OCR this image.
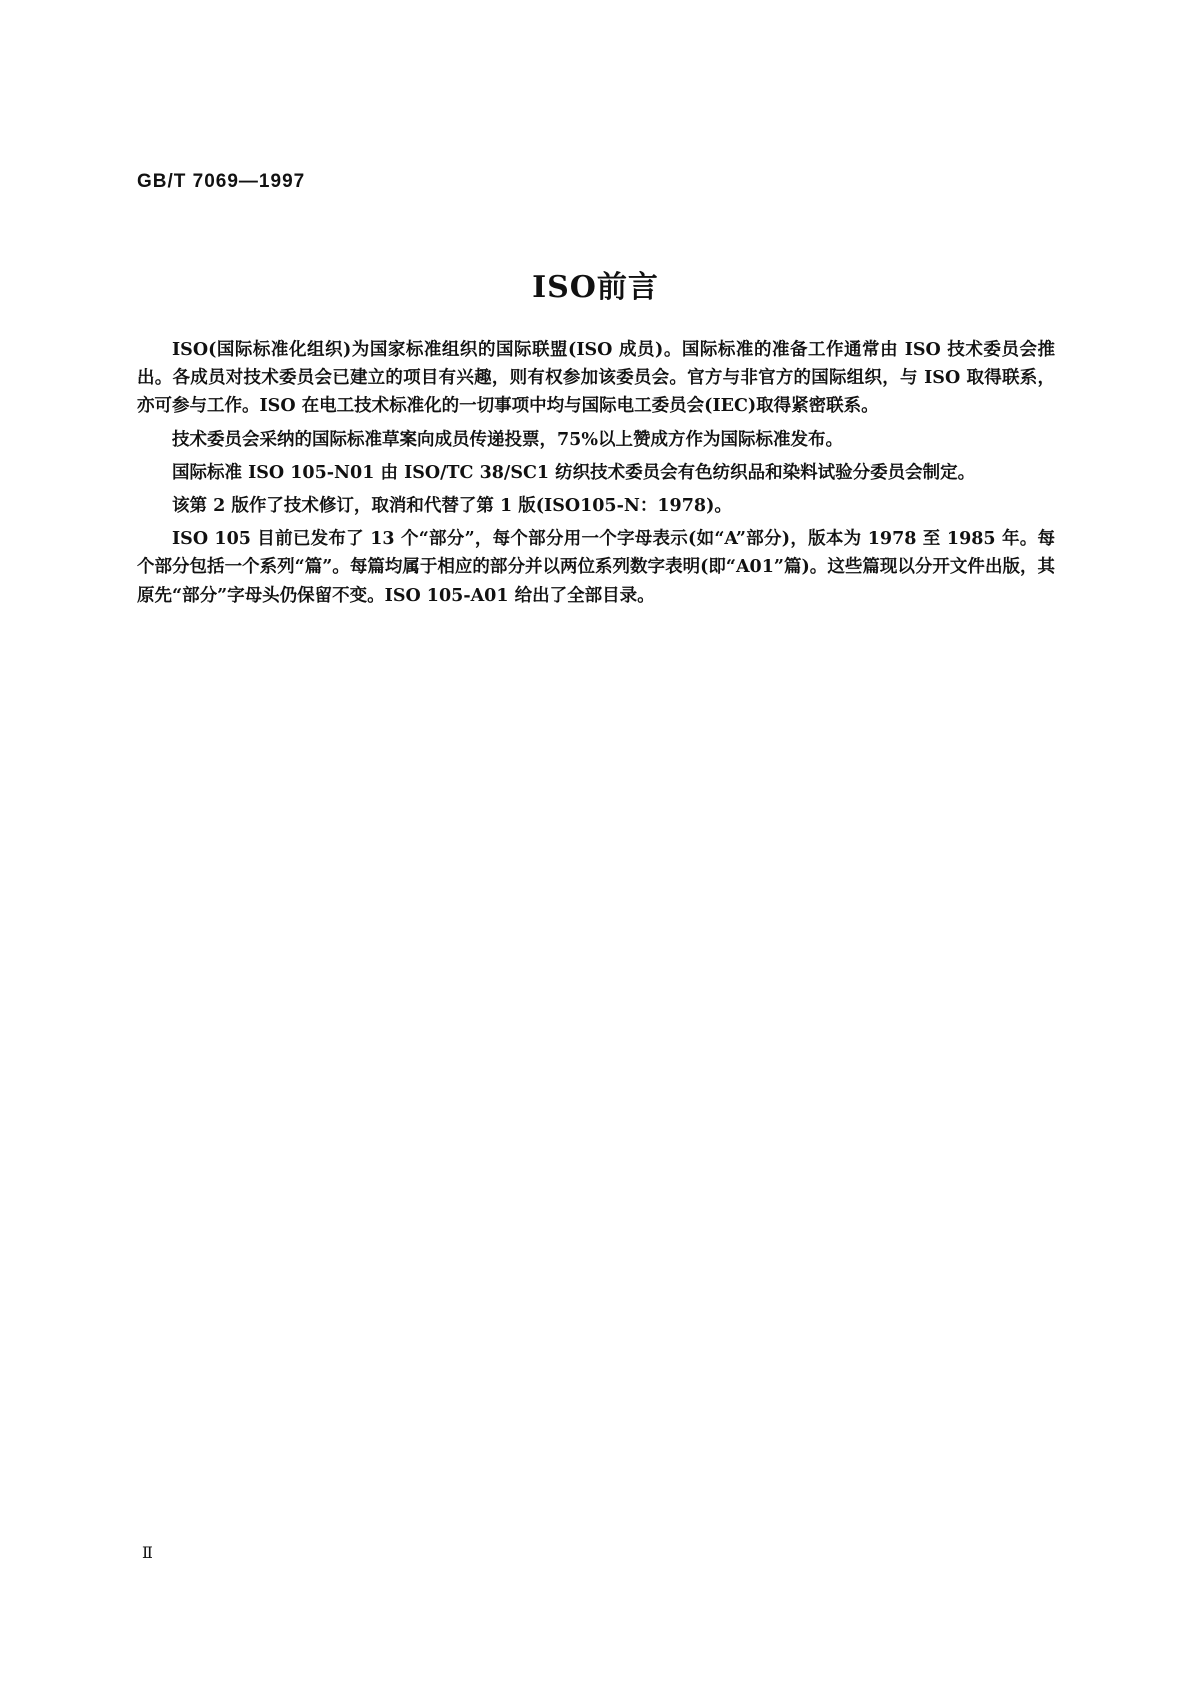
GB/T 7069—1997
ISO前言

ISO(国际标准化组织)为国家标准组织的国际联盟(ISO 成员)。国际标准的准备工作通常由 ISO 技术委员会推出。各成员对技术委员会已建立的项目有兴趣，则有权参加该委员会。官方与非官方的国际组织，与 ISO 取得联系，亦可参与工作。ISO 在电工技术标准化的一切事项中均与国际电工委员会(IEC)取得紧密联系。

技术委员会采纳的国际标准草案向成员传递投票，75%以上赞成方作为国际标准发布。

国际标准 ISO 105-N01 由 ISO/TC 38/SC1 纺织技术委员会有色纺织品和染料试验分委员会制定。

该第 2 版作了技术修订，取消和代替了第 1 版(ISO105-N：1978)。

ISO 105 目前已发布了 13 个“部分”，每个部分用一个字母表示(如“A”部分)，版本为 1978 至 1985 年。每个部分包括一个系列“篇”。每篇均属于相应的部分并以两位系列数字表明(即“A01”篇)。这些篇现以分开文件出版，其原先“部分”字母头仍保留不变。ISO 105-A01 给出了全部目录。

Ⅱ
